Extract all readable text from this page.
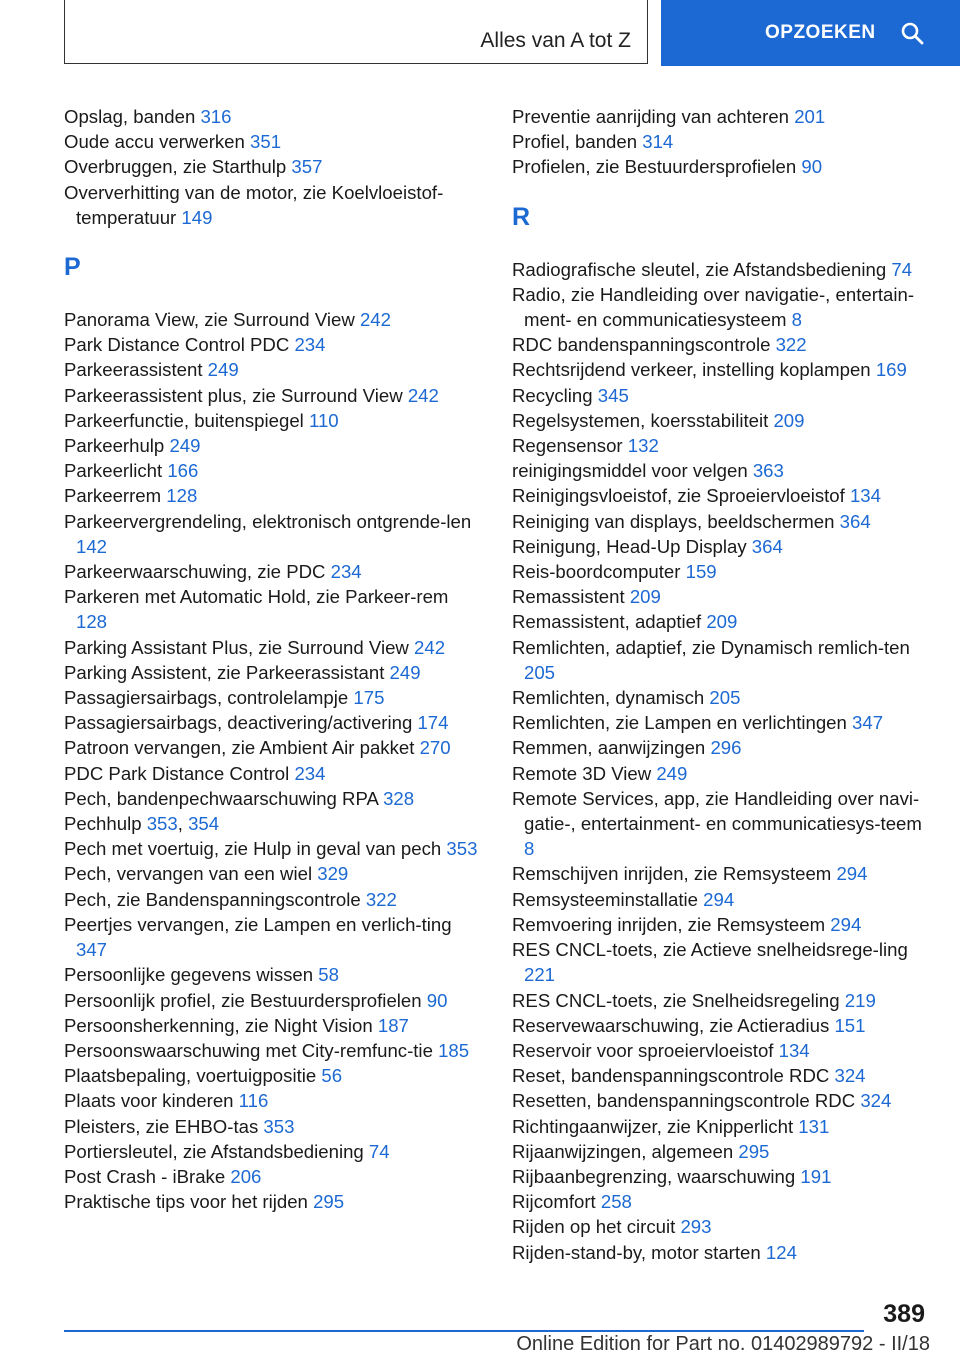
Alles van A tot Z	OPZOEKEN
Opslag, banden 316
Oude accu verwerken 351
Overbruggen, zie Starthulp 357
Oververhitting van de motor, zie Koelvloeistof-temperatuur 149
P
Panorama View, zie Surround View 242
Park Distance Control PDC 234
Parkeerassistent 249
Parkeerassistent plus, zie Surround View 242
Parkeerfunctie, buitenspiegel 110
Parkeerhulp 249
Parkeerlicht 166
Parkeerrem 128
Parkeervergrendeling, elektronisch ontgrende-len 142
Parkeerwaarschuwing, zie PDC 234
Parkeren met Automatic Hold, zie Parkeer-rem 128
Parking Assistant Plus, zie Surround View 242
Parking Assistent, zie Parkeerassistant 249
Passagiersairbags, controlelampje 175
Passagiersairbags, deactivering/activering 174
Patroon vervangen, zie Ambient Air pakket 270
PDC Park Distance Control 234
Pech, bandenpechwaarschuwing RPA 328
Pechhulp 353, 354
Pech met voertuig, zie Hulp in geval van pech 353
Pech, vervangen van een wiel 329
Pech, zie Bandenspanningscontrole 322
Peertjes vervangen, zie Lampen en verlich-ting 347
Persoonlijke gegevens wissen 58
Persoonlijk profiel, zie Bestuurdersprofielen 90
Persoonsherkenning, zie Night Vision 187
Persoonswaarschuwing met City-remfunc-tie 185
Plaatsbepaling, voertuigpositie 56
Plaats voor kinderen 116
Pleisters, zie EHBO-tas 353
Portiersleutel, zie Afstandsbediening 74
Post Crash - iBrake 206
Praktische tips voor het rijden 295
Preventie aanrijding van achteren 201
Profiel, banden 314
Profielen, zie Bestuurdersprofielen 90
R
Radiografische sleutel, zie Afstandsbediening 74
Radio, zie Handleiding over navigatie-, entertain-ment- en communicatiesysteem 8
RDC bandenspanningscontrole 322
Rechtsrijdend verkeer, instelling koplampen 169
Recycling 345
Regelsystemen, koersstabiliteit 209
Regensensor 132
reinigingsmiddel voor velgen 363
Reinigingsvloeistof, zie Sproeiervloeistof 134
Reiniging van displays, beeldschermen 364
Reinigung, Head-Up Display 364
Reis-boordcomputer 159
Remassistent 209
Remassistent, adaptief 209
Remlichten, adaptief, zie Dynamisch remlich-ten 205
Remlichten, dynamisch 205
Remlichten, zie Lampen en verlichtingen 347
Remmen, aanwijzingen 296
Remote 3D View 249
Remote Services, app, zie Handleiding over navi-gatie-, entertainment- en communicatiesys-teem 8
Remschijven inrijden, zie Remsysteem 294
Remsysteeminstallatie 294
Remvoering inrijden, zie Remsysteem 294
RES CNCL-toets, zie Actieve snelheidsrege-ling 221
RES CNCL-toets, zie Snelheidsregeling 219
Reservewaarschuwing, zie Actieradius 151
Reservoir voor sproeiervloeistof 134
Reset, bandenspanningscontrole RDC 324
Resetten, bandenspanningscontrole RDC 324
Richtingaanwijzer, zie Knipperlicht 131
Rijaanwijzingen, algemeen 295
Rijbaanbegrenzing, waarschuwing 191
Rijcomfort 258
Rijden op het circuit 293
Rijden-stand-by, motor starten 124
389
Online Edition for Part no. 01402989792 - II/18
